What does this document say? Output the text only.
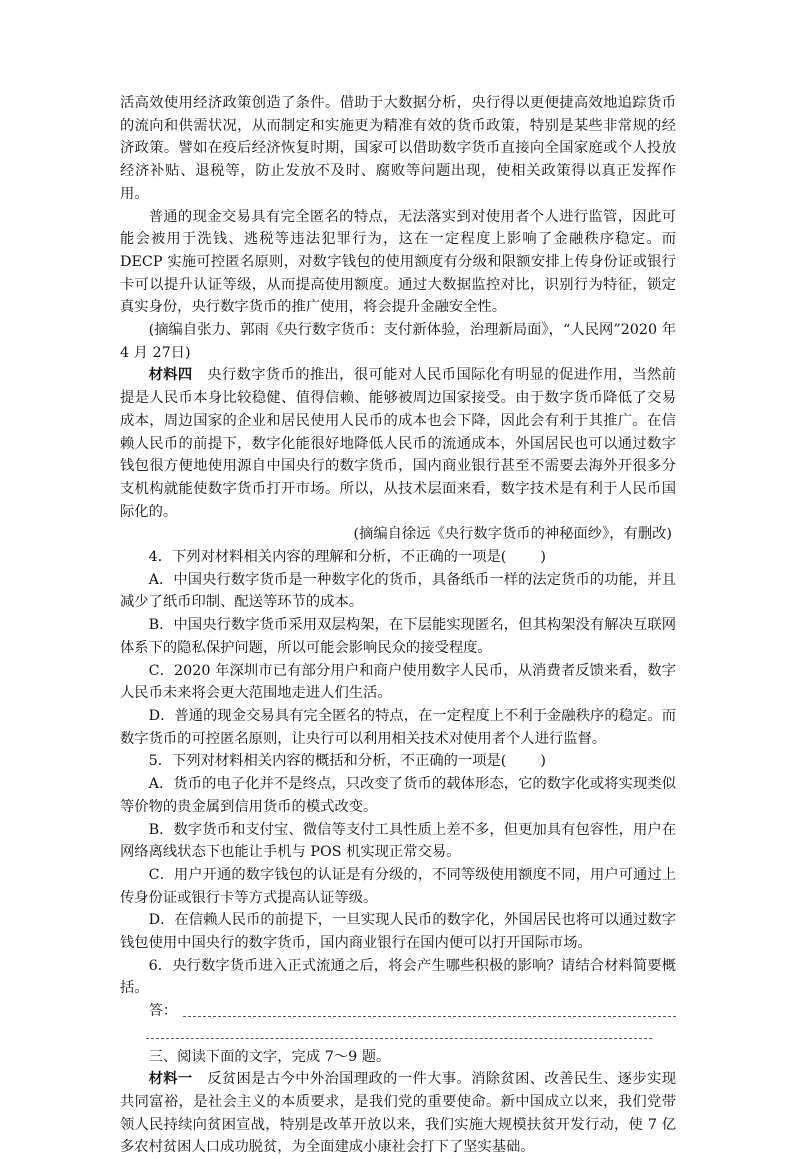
活高效使用经济政策创造了条件。借助于大数据分析，央行得以更便捷高效地追踪货币的流向和供需状况，从而制定和实施更为精准有效的货币政策，特别是某些非常规的经济政策。譬如在疫后经济恢复时期，国家可以借助数字货币直接向全国家庭或个人投放经济补贴、退税等，防止发放不及时、腐败等问题出现，使相关政策得以真正发挥作用。

普通的现金交易具有完全匿名的特点，无法落实到对使用者个人进行监管，因此可能会被用于洗钱、逃税等违法犯罪行为，这在一定程度上影响了金融秩序稳定。而DECP 实施可控匿名原则，对数字钱包的使用额度有分级和限额安排上传身份证或银行卡可以提升认证等级，从而提高使用额度。通过大数据监控对比，识别行为特征，锁定真实身份，央行数字货币的推广使用，将会提升金融安全性。

(摘编自张力、郭雨《央行数字货币：支付新体验，治理新局面》，“人民网”2020 年 4 月 27日)

材料四　央行数字货币的推出，很可能对人民币国际化有明显的促进作用，当然前提是人民币本身比较稳健、值得信赖、能够被周边国家接受。由于数字货币降低了交易成本，周边国家的企业和居民使用人民币的成本也会下降，因此会有利于其推广。在信赖人民币的前提下，数字化能很好地降低人民币的流通成本，外国居民也可以通过数字钱包很方便地使用源自中国央行的数字货币，国内商业银行甚至不需要去海外开很多分支机构就能使数字货币打开市场。所以，从技术层面来看，数字技术是有利于人民币国际化的。

(摘编自徐远《央行数字货币的神秘面纱》，有删改)

4．下列对材料相关内容的理解和分析，不正确的一项是( )

A．中国央行数字货币是一种数字化的货币，具备纸币一样的法定货币的功能，并且减少了纸币印制、配送等环节的成本。

B．中国央行数字货币采用双层构架，在下层能实现匿名，但其构架没有解决互联网体系下的隐私保护问题，所以可能会影响民众的接受程度。

C．2020 年深圳市已有部分用户和商户使用数字人民币，从消费者反馈来看，数字人民币未来将会更大范围地走进人们生活。

D．普通的现金交易具有完全匿名的特点，在一定程度上不利于金融秩序的稳定。而数字货币的可控匿名原则，让央行可以利用相关技术对使用者个人进行监督。

5．下列对材料相关内容的概括和分析，不正确的一项是( )

A．货币的电子化并不是终点，只改变了货币的载体形态，它的数字化或将实现类似等价物的贵金属到信用货币的模式改变。

B．数字货币和支付宝、微信等支付工具性质上差不多，但更加具有包容性，用户在网络离线状态下也能让手机与 POS 机实现正常交易。

C．用户开通的数字钱包的认证是有分级的，不同等级使用额度不同，用户可通过上传身份证或银行卡等方式提高认证等级。

D．在信赖人民币的前提下，一旦实现人民币的数字化，外国居民也将可以通过数字钱包使用中国央行的数字货币，国内商业银行在国内便可以打开国际市场。

6．央行数字货币进入正式流通之后，将会产生哪些积极的影响？请结合材料简要概括。

答：

三、阅读下面的文字，完成 7～9 题。

材料一　反贫困是古今中外治国理政的一件大事。消除贫困、改善民生、逐步实现共同富裕，是社会主义的本质要求，是我们党的重要使命。新中国成立以来，我们党带领人民持续向贫困宣战，特别是改革开放以来，我们实施大规模扶贫开发行动，使 7 亿多农村贫困人口成功脱贫，为全面建成小康社会打下了坚实基础。
